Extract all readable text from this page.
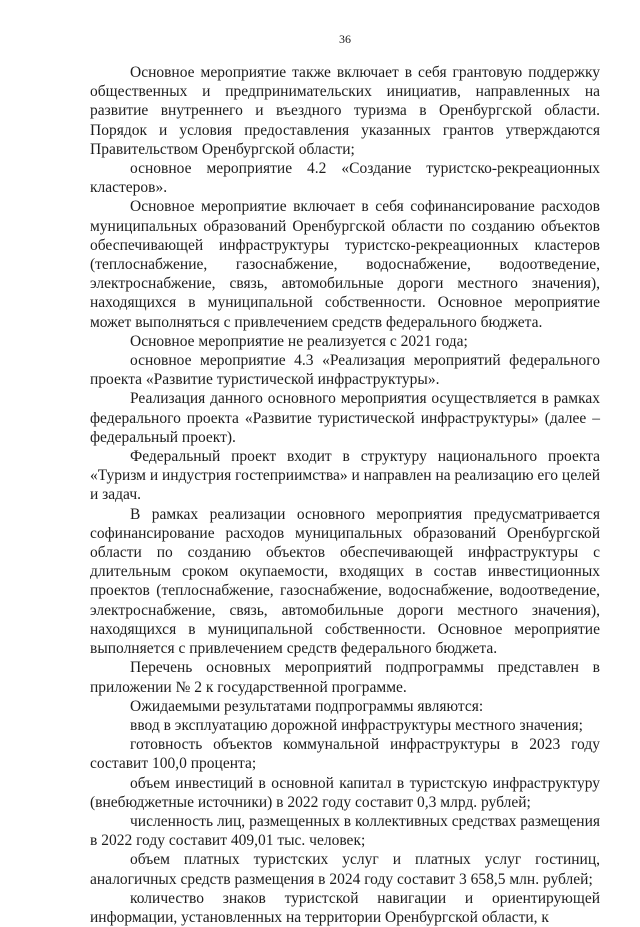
36

Основное мероприятие также включает в себя грантовую поддержку общественных и предпринимательских инициатив, направленных на развитие внутреннего и въездного туризма в Оренбургской области. Порядок и условия предоставления указанных грантов утверждаются Правительством Оренбургской области;

основное мероприятие 4.2 «Создание туристско-рекреационных кластеров».

Основное мероприятие включает в себя софинансирование расходов муниципальных образований Оренбургской области по созданию объектов обеспечивающей инфраструктуры туристско-рекреационных кластеров (теплоснабжение, газоснабжение, водоснабжение, водоотведение, электроснабжение, связь, автомобильные дороги местного значения), находящихся в муниципальной собственности. Основное мероприятие может выполняться с привлечением средств федерального бюджета.

Основное мероприятие не реализуется с 2021 года;

основное мероприятие 4.3 «Реализация мероприятий федерального проекта «Развитие туристической инфраструктуры».

Реализация данного основного мероприятия осуществляется в рамках федерального проекта «Развитие туристической инфраструктуры» (далее – федеральный проект).

Федеральный проект входит в структуру национального проекта «Туризм и индустрия гостеприимства» и направлен на реализацию его целей и задач.

В рамках реализации основного мероприятия предусматривается софинансирование расходов муниципальных образований Оренбургской области по созданию объектов обеспечивающей инфраструктуры с длительным сроком окупаемости, входящих в состав инвестиционных проектов (теплоснабжение, газоснабжение, водоснабжение, водоотведение, электроснабжение, связь, автомобильные дороги местного значения), находящихся в муниципальной собственности. Основное мероприятие выполняется с привлечением средств федерального бюджета.

Перечень основных мероприятий подпрограммы представлен в приложении № 2 к государственной программе.

Ожидаемыми результатами подпрограммы являются:

ввод в эксплуатацию дорожной инфраструктуры местного значения;

готовность объектов коммунальной инфраструктуры в 2023 году составит 100,0 процента;

объем инвестиций в основной капитал в туристскую инфраструктуру (внебюджетные источники) в 2022 году составит 0,3 млрд. рублей;

численность лиц, размещенных в коллективных средствах размещения в 2022 году составит 409,01 тыс. человек;

объем платных туристских услуг и платных услуг гостиниц, аналогичных средств размещения в 2024 году составит 3 658,5 млн. рублей;

количество знаков туристской навигации и ориентирующей информации, установленных на территории Оренбургской области, к
